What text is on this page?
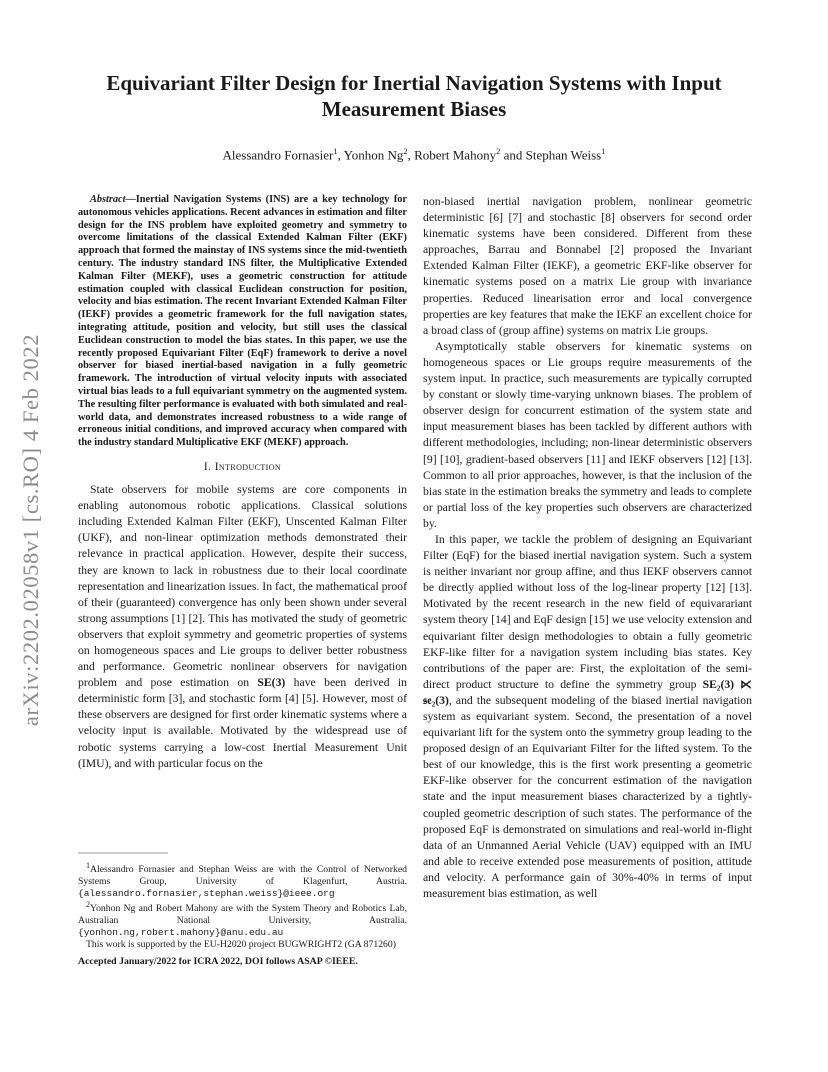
arXiv:2202.02058v1 [cs.RO] 4 Feb 2022
Equivariant Filter Design for Inertial Navigation Systems with Input Measurement Biases

Alessandro Fornasier$^1$, Yonhon Ng$^2$, Robert Mahony$^2$ and Stephan Weiss$^1$

Abstract—Inertial Navigation Systems (INS) are a key technology for autonomous vehicles applications. Recent advances in estimation and filter design for the INS problem have exploited geometry and symmetry to overcome limitations of the classical Extended Kalman Filter (EKF) approach that formed the mainstay of INS systems since the mid-twentieth century. The industry standard INS filter, the Multiplicative Extended Kalman Filter (MEKF), uses a geometric construction for attitude estimation coupled with classical Euclidean construction for position, velocity and bias estimation. The recent Invariant Extended Kalman Filter (IEKF) provides a geometric framework for the full navigation states, integrating attitude, position and velocity, but still uses the classical Euclidean construction to model the bias states. In this paper, we use the recently proposed Equivariant Filter (EqF) framework to derive a novel observer for biased inertial-based navigation in a fully geometric framework. The introduction of virtual velocity inputs with associated virtual bias leads to a full equivariant symmetry on the augmented system. The resulting filter performance is evaluated with both simulated and real-world data, and demonstrates increased robustness to a wide range of erroneous initial conditions, and improved accuracy when compared with the industry standard Multiplicative EKF (MEKF) approach.

I. Introduction

State observers for mobile systems are core components in enabling autonomous robotic applications. Classical solutions including Extended Kalman Filter (EKF), Unscented Kalman Filter (UKF), and non-linear optimization methods demonstrated their relevance in practical application. However, despite their success, they are known to lack in robustness due to their local coordinate representation and linearization issues. In fact, the mathematical proof of their (guaranteed) convergence has only been shown under several strong assumptions [1] [2]. This has motivated the study of geometric observers that exploit symmetry and geometric properties of systems on homogeneous spaces and Lie groups to deliver better robustness and performance. Geometric nonlinear observers for navigation problem and pose estimation on SE(3) have been derived in deterministic form [3], and stochastic form [4] [5]. However, most of these observers are designed for first order kinematic systems where a velocity input is available. Motivated by the widespread use of robotic systems carrying a low-cost Inertial Measurement Unit (IMU), and with particular focus on the

$^1$Alessandro Fornasier and Stephan Weiss are with the Control of Networked Systems Group, University of Klagenfurt, Austria. {alessandro.fornasier,stephan.weiss}@ieee.org

$^2$Yonhon Ng and Robert Mahony are with the System Theory and Robotics Lab, Australian National University, Australia. {yonhon.ng,robert.mahony}@anu.edu.au

This work is supported by the EU-H2020 project BUGWRIGHT2 (GA 871260)

Accepted January/2022 for ICRA 2022, DOI follows ASAP ©IEEE.

non-biased inertial navigation problem, nonlinear geometric deterministic [6] [7] and stochastic [8] observers for second order kinematic systems have been considered. Different from these approaches, Barrau and Bonnabel [2] proposed the Invariant Extended Kalman Filter (IEKF), a geometric EKF-like observer for kinematic systems posed on a matrix Lie group with invariance properties. Reduced linearisation error and local convergence properties are key features that make the IEKF an excellent choice for a broad class of (group affine) systems on matrix Lie groups.

Asymptotically stable observers for kinematic systems on homogeneous spaces or Lie groups require measurements of the system input. In practice, such measurements are typically corrupted by constant or slowly time-varying unknown biases. The problem of observer design for concurrent estimation of the system state and input measurement biases has been tackled by different authors with different methodologies, including; non-linear deterministic observers [9] [10], gradient-based observers [11] and IEKF observers [12] [13]. Common to all prior approaches, however, is that the inclusion of the bias state in the estimation breaks the symmetry and leads to complete or partial loss of the key properties such observers are characterized by.

In this paper, we tackle the problem of designing an Equivariant Filter (EqF) for the biased inertial navigation system. Such a system is neither invariant nor group affine, and thus IEKF observers cannot be directly applied without loss of the log-linear property [12] [13]. Motivated by the recent research in the new field of equivarariant system theory [14] and EqF design [15] we use velocity extension and equivariant filter design methodologies to obtain a fully geometric EKF-like filter for a navigation system including bias states. Key contributions of the paper are: First, the exploitation of the semi-direct product structure to define the symmetry group SE₂(3) ⋉ 𝔰𝔢₂(3), and the subsequent modeling of the biased inertial navigation system as equivariant system. Second, the presentation of a novel equivariant lift for the system onto the symmetry group leading to the proposed design of an Equivariant Filter for the lifted system. To the best of our knowledge, this is the first work presenting a geometric EKF-like observer for the concurrent estimation of the navigation state and the input measurement biases characterized by a tightly-coupled geometric description of such states. The performance of the proposed EqF is demonstrated on simulations and real-world in-flight data of an Unmanned Aerial Vehicle (UAV) equipped with an IMU and able to receive extended pose measurements of position, attitude and velocity. A performance gain of 30%-40% in terms of input measurement bias estimation, as well
